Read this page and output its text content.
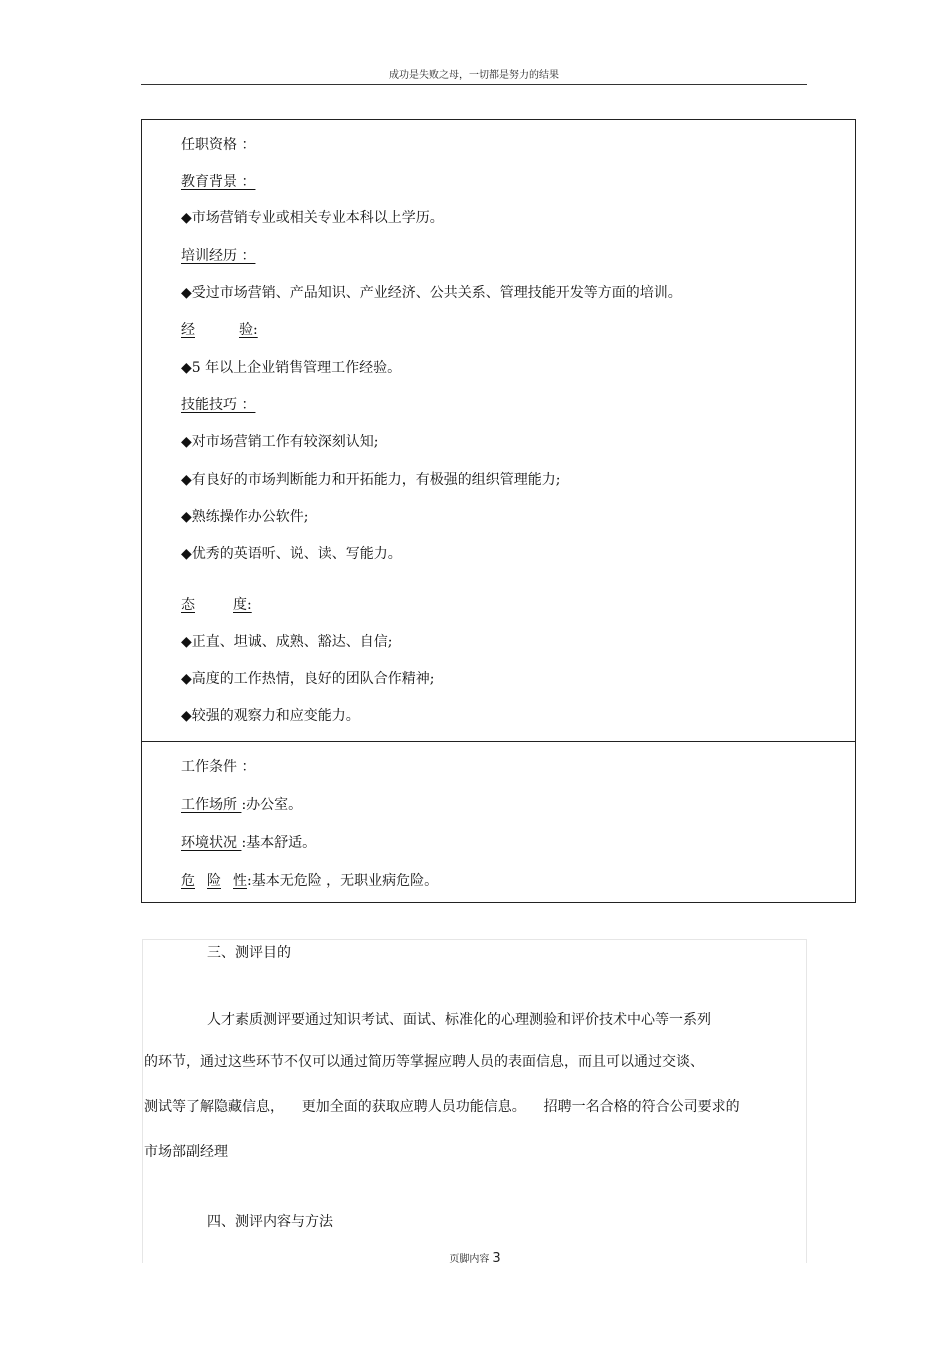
成功是失败之母，一切都是努力的结果
任职资格 ：
教育背景 ：
◆市场营销专业或相关专业本科以上学历。
培训经历 ：
◆受过市场营销、产品知识、产业经济、公共关系、管理技能开发等方面的培训。
经	验:
◆5 年以上企业销售管理工作经验。
技能技巧 ：
◆对市场营销工作有较深刻认知;
◆有良好的市场判断能力和开拓能力，有极强的组织管理能力;
◆熟练操作办公软件;
◆优秀的英语听、说、读、写能力。
态	度:
◆正直、坦诚、成熟、豁达、自信;
◆高度的工作热情，良好的团队合作精神;
◆较强的观察力和应变能力。
工作条件 ：
工作场所 :办公室。
环境状况 :基本舒适。
危 险 性:基本无危险 ，无职业病危险。
三、测评目的
人才素质测评要通过知识考试、面试、标准化的心理测验和评价技术中心等一系列
的环节，通过这些环节不仅可以通过简历等掌握应聘人员的表面信息，而且可以通过交谈、
测试等了解隐藏信息，    更加全面的获取应聘人员功能信息。    招聘一名合格的符合公司要求的
市场部副经理
四、测评内容与方法
页脚内容 3
